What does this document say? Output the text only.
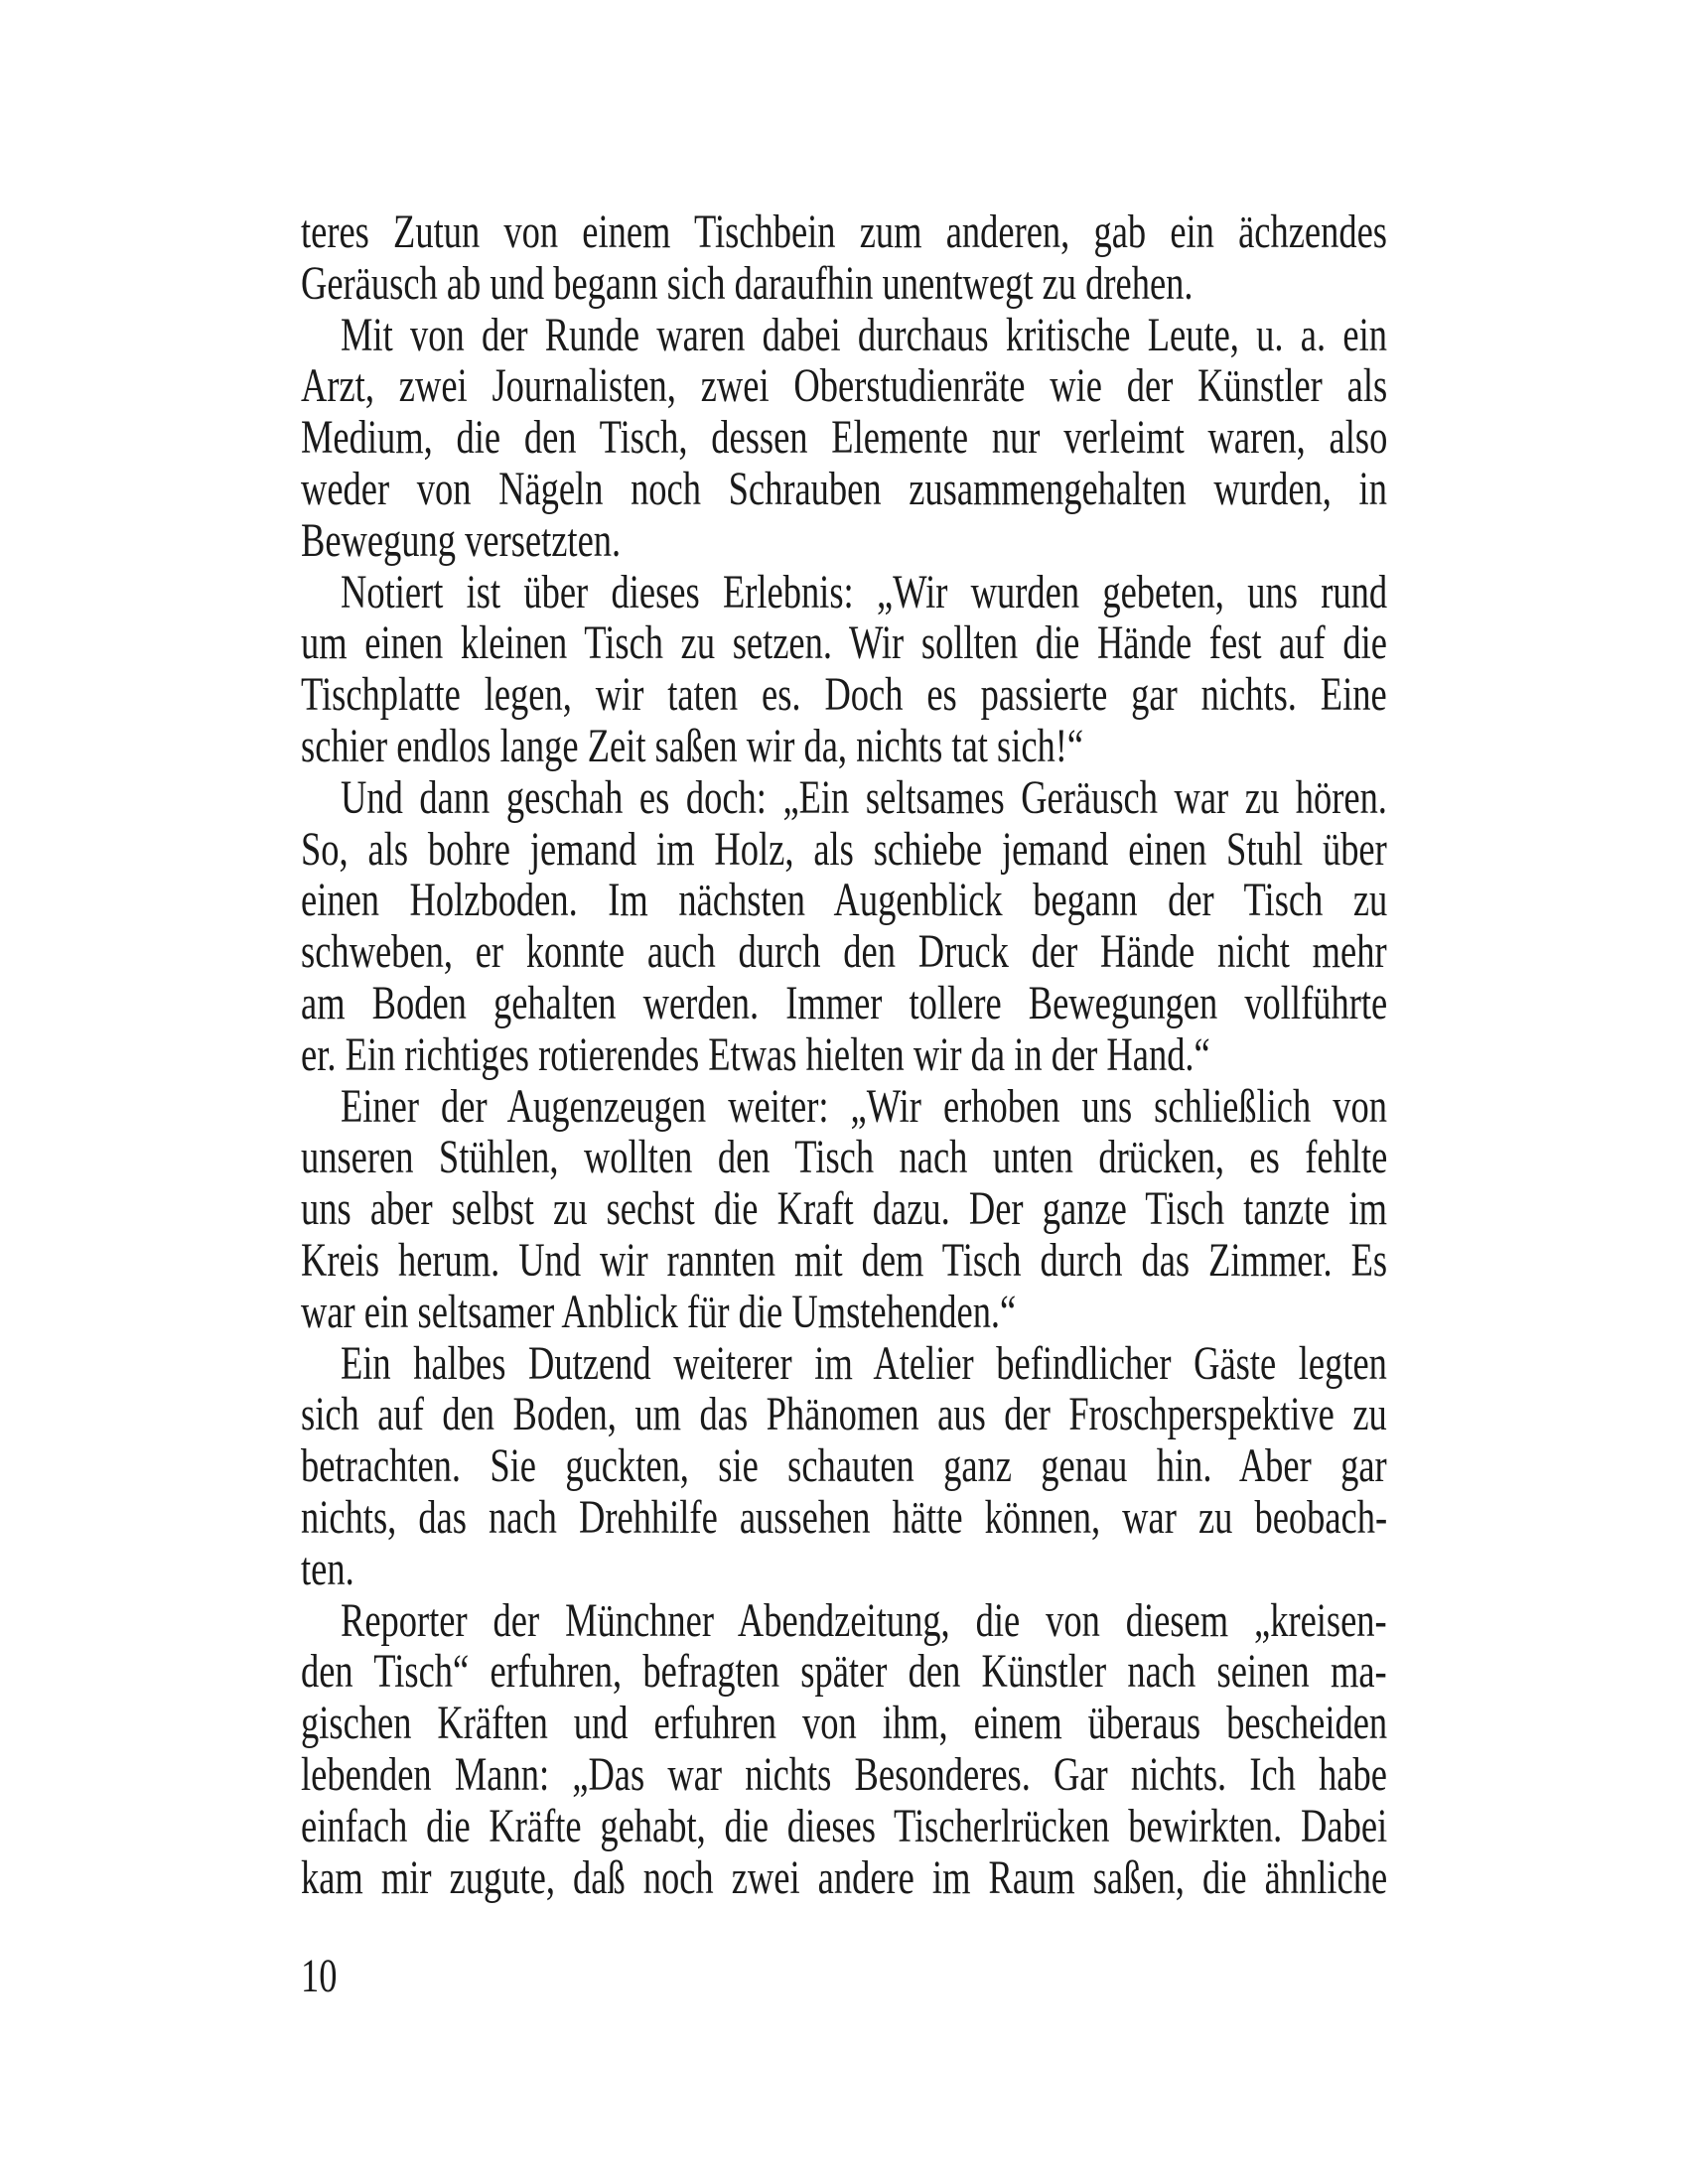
teres Zutun von einem Tischbein zum anderen, gab ein ächzendes
Geräusch ab und begann sich daraufhin unentwegt zu drehen.
Mit von der Runde waren dabei durchaus kritische Leute, u. a. ein
Arzt, zwei Journalisten, zwei Oberstudienräte wie der Künstler als
Medium, die den Tisch, dessen Elemente nur verleimt waren, also
weder von Nägeln noch Schrauben zusammengehalten wurden, in
Bewegung versetzten.
Notiert ist über dieses Erlebnis: „Wir wurden gebeten, uns rund
um einen kleinen Tisch zu setzen. Wir sollten die Hände fest auf die
Tischplatte legen, wir taten es. Doch es passierte gar nichts. Eine
schier endlos lange Zeit saßen wir da, nichts tat sich!“
Und dann geschah es doch: „Ein seltsames Geräusch war zu hören.
So, als bohre jemand im Holz, als schiebe jemand einen Stuhl über
einen Holzboden. Im nächsten Augenblick begann der Tisch zu
schweben, er konnte auch durch den Druck der Hände nicht mehr
am Boden gehalten werden. Immer tollere Bewegungen vollführte
er. Ein richtiges rotierendes Etwas hielten wir da in der Hand.“
Einer der Augenzeugen weiter: „Wir erhoben uns schließlich von
unseren Stühlen, wollten den Tisch nach unten drücken, es fehlte
uns aber selbst zu sechst die Kraft dazu. Der ganze Tisch tanzte im
Kreis herum. Und wir rannten mit dem Tisch durch das Zimmer. Es
war ein seltsamer Anblick für die Umstehenden.“
Ein halbes Dutzend weiterer im Atelier befindlicher Gäste legten
sich auf den Boden, um das Phänomen aus der Froschperspektive zu
betrachten. Sie guckten, sie schauten ganz genau hin. Aber gar
nichts, das nach Drehhilfe aussehen hätte können, war zu beobach-
ten.
Reporter der Münchner Abendzeitung, die von diesem „kreisen-
den Tisch“ erfuhren, befragten später den Künstler nach seinen ma-
gischen Kräften und erfuhren von ihm, einem überaus bescheiden
lebenden Mann: „Das war nichts Besonderes. Gar nichts. Ich habe
einfach die Kräfte gehabt, die dieses Tischerlrücken bewirkten. Dabei
kam mir zugute, daß noch zwei andere im Raum saßen, die ähnliche
10
